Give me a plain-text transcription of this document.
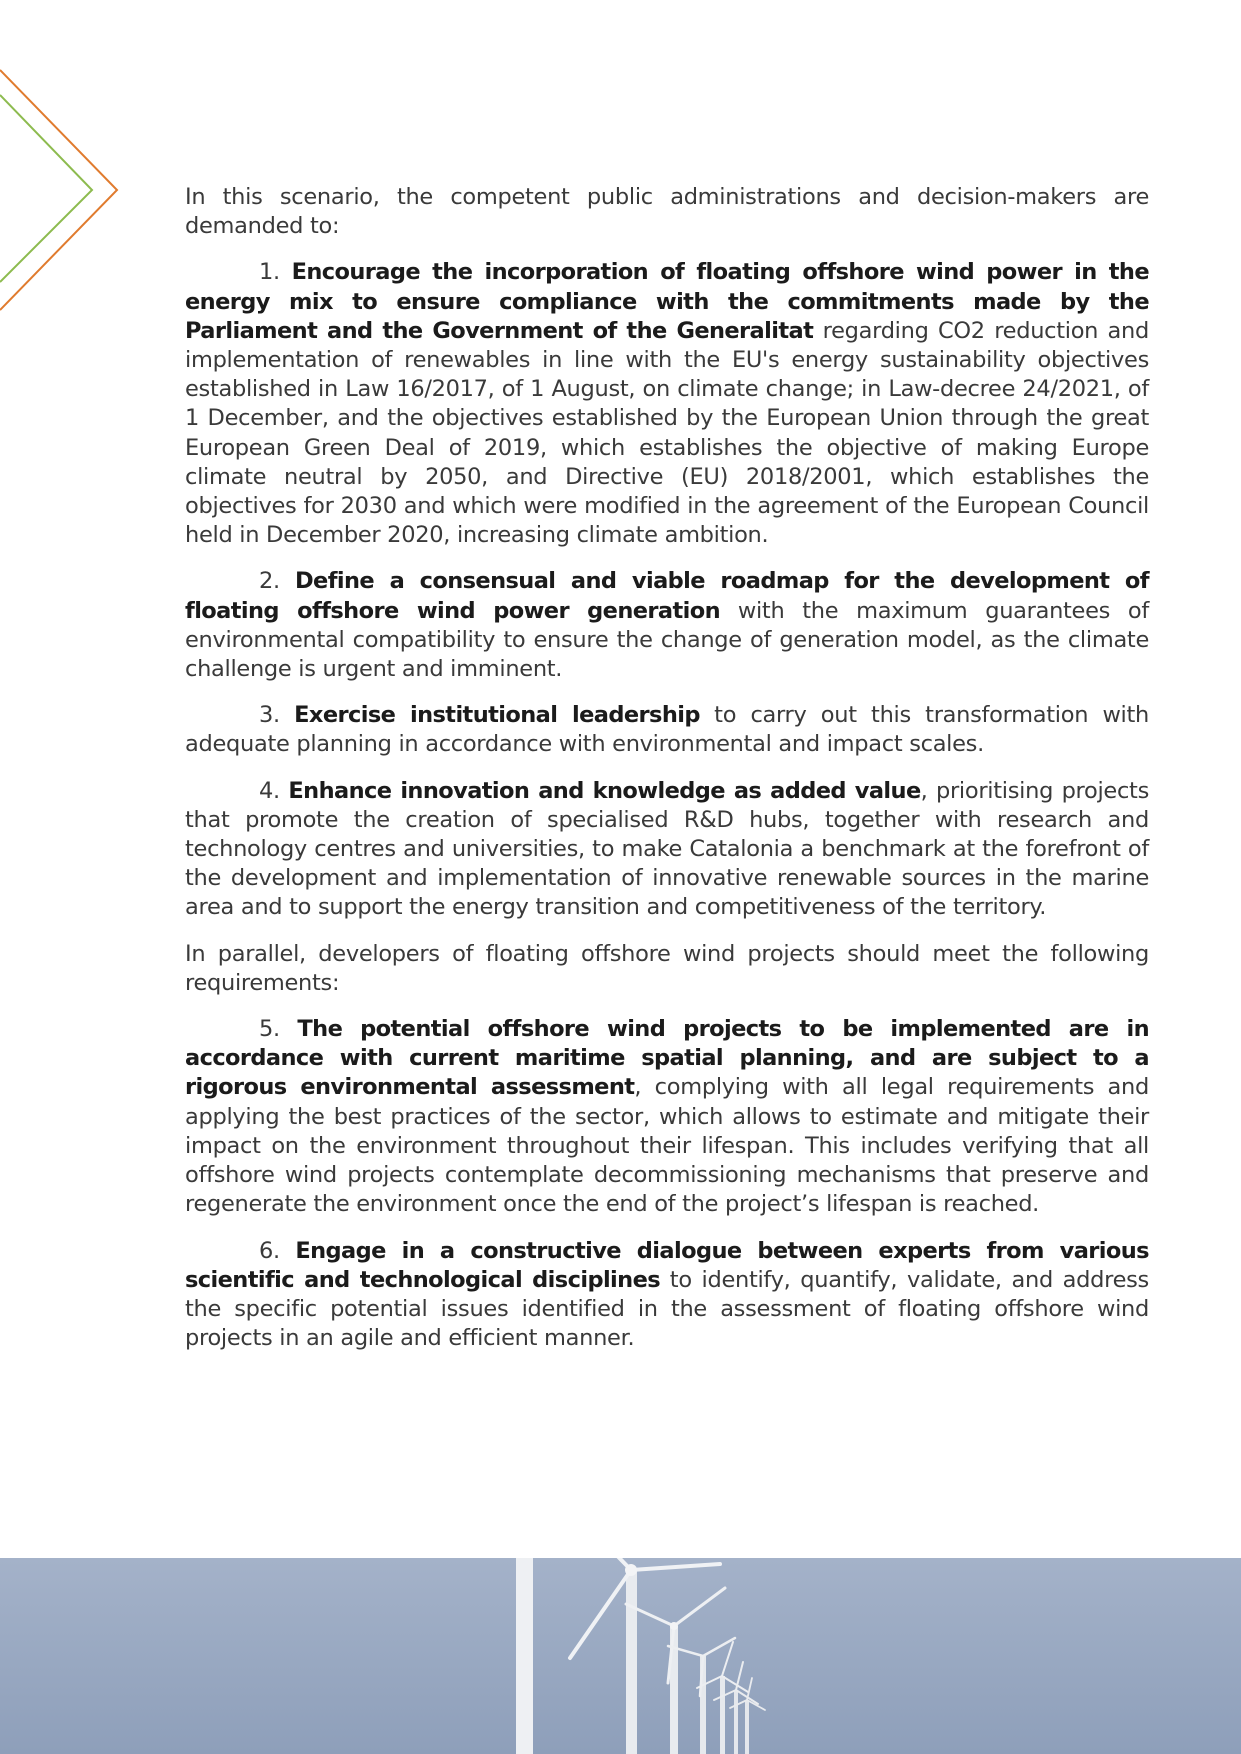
In this scenario, the competent public administrations and decision-makers are demanded to:

1. Encourage the incorporation of floating offshore wind power in the energy mix to ensure compliance with the commitments made by the Parliament and the Government of the Generalitat regarding CO2 reduction and implementation of renewables in line with the EU's energy sustainability objectives established in Law 16/2017, of 1 August, on climate change; in Law-decree 24/2021, of 1 December, and the objectives established by the European Union through the great European Green Deal of 2019, which establishes the objective of making Europe climate neutral by 2050, and Directive (EU) 2018/2001, which establishes the objectives for 2030 and which were modified in the agreement of the European Council held in December 2020, increasing climate ambition.

2. Define a consensual and viable roadmap for the development of floating offshore wind power generation with the maximum guarantees of environmental compatibility to ensure the change of generation model, as the climate challenge is urgent and imminent.

3. Exercise institutional leadership to carry out this transformation with adequate planning in accordance with environmental and impact scales.

4. Enhance innovation and knowledge as added value, prioritising projects that promote the creation of specialised R&D hubs, together with research and technology centres and universities, to make Catalonia a benchmark at the forefront of the development and implementation of innovative renewable sources in the marine area and to support the energy transition and competitiveness of the territory.

In parallel, developers of floating offshore wind projects should meet the following requirements:

5. The potential offshore wind projects to be implemented are in accordance with current maritime spatial planning, and are subject to a rigorous environmental assessment, complying with all legal requirements and applying the best practices of the sector, which allows to estimate and mitigate their impact on the environment throughout their lifespan. This includes verifying that all offshore wind projects contemplate decommissioning mechanisms that preserve and regenerate the environment once the end of the project’s lifespan is reached.

6. Engage in a constructive dialogue between experts from various scientific and technological disciplines to identify, quantify, validate, and address the specific potential issues identified in the assessment of floating offshore wind projects in an agile and efficient manner.
